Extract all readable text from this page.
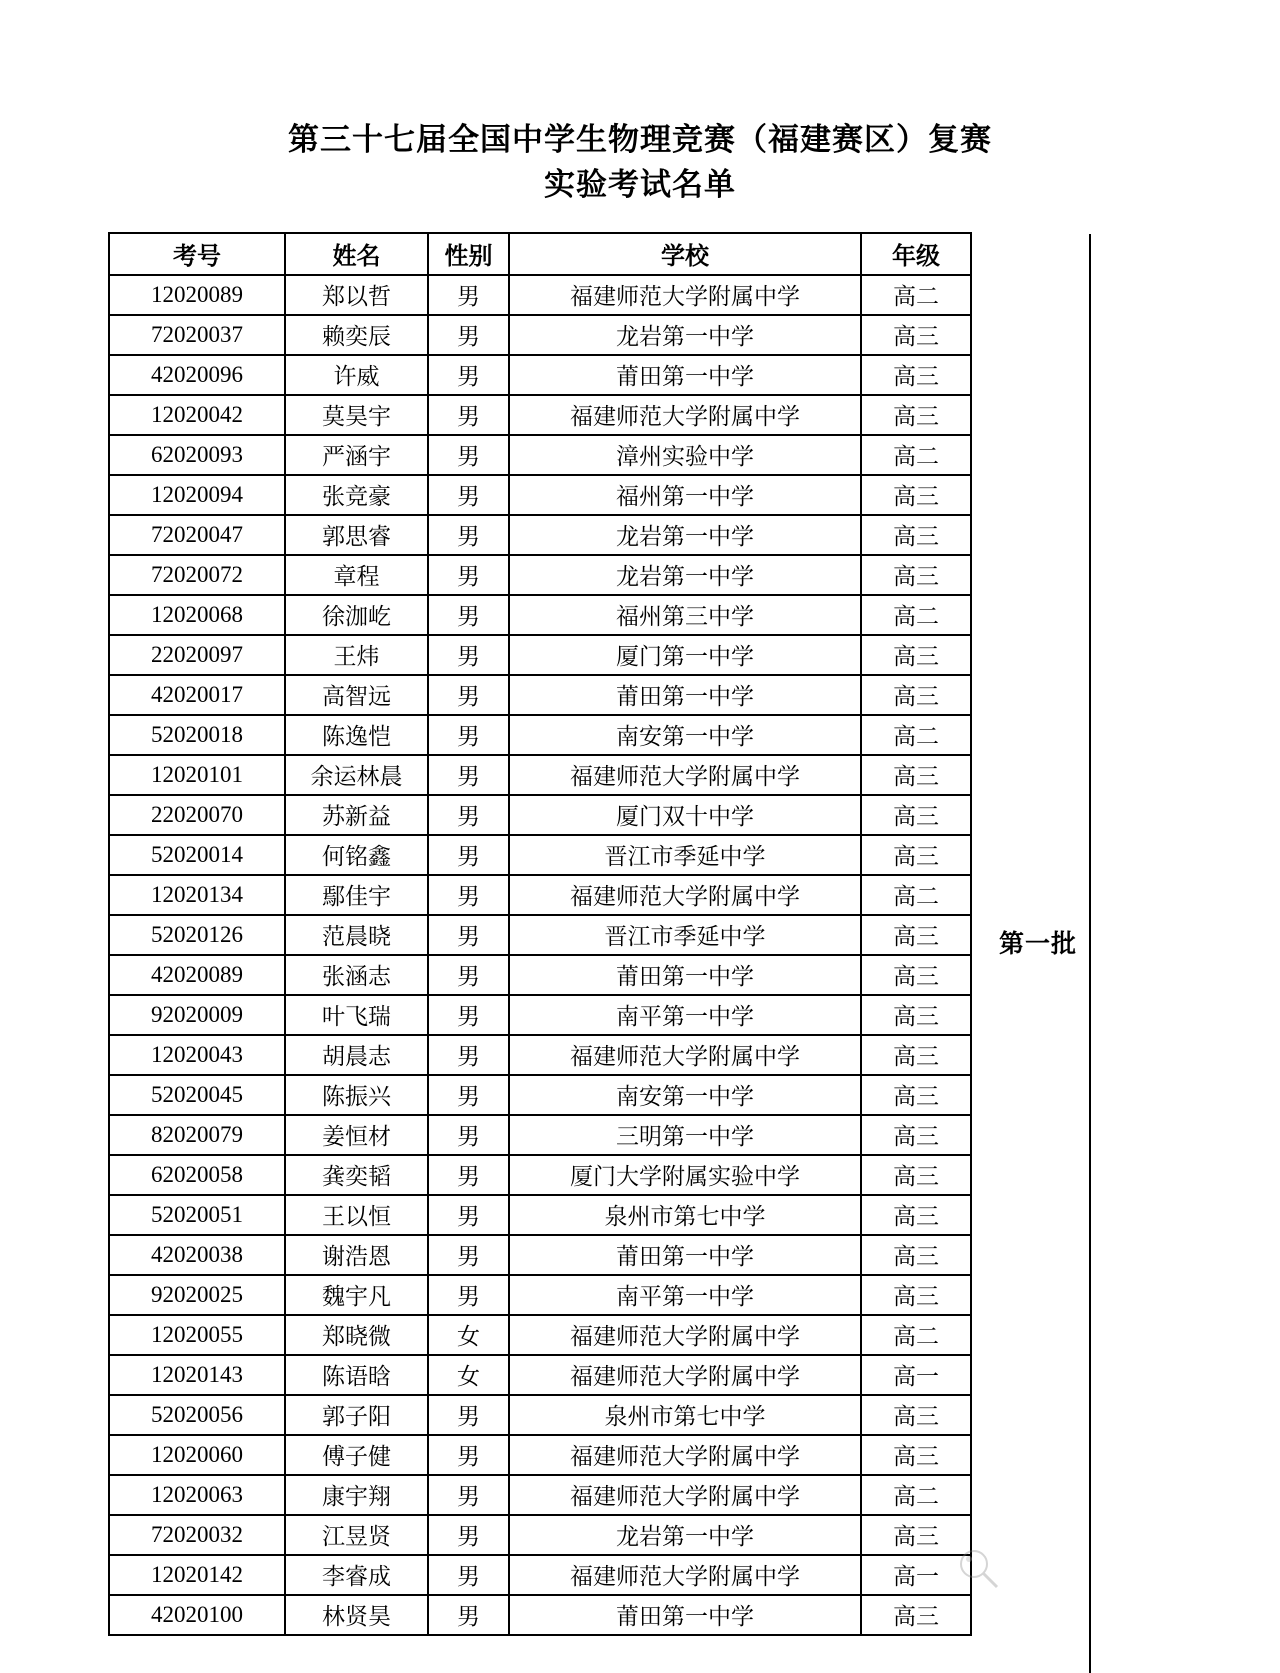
第三十七届全国中学生物理竞赛（福建赛区）复赛
实验考试名单
考号	姓名	性别	学校	年级
12020089	郑以哲	男	福建师范大学附属中学	高二
72020037	赖奕辰	男	龙岩第一中学	高三
42020096	许威	男	莆田第一中学	高三
12020042	莫昊宇	男	福建师范大学附属中学	高三
62020093	严涵宇	男	漳州实验中学	高二
12020094	张竞豪	男	福州第一中学	高三
72020047	郭思睿	男	龙岩第一中学	高三
72020072	章程	男	龙岩第一中学	高三
12020068	徐泇屹	男	福州第三中学	高二
22020097	王炜	男	厦门第一中学	高三
42020017	高智远	男	莆田第一中学	高三
52020018	陈逸恺	男	南安第一中学	高二
12020101	余运林晨	男	福建师范大学附属中学	高三
22020070	苏新益	男	厦门双十中学	高三
52020014	何铭鑫	男	晋江市季延中学	高三
12020134	鄢佳宇	男	福建师范大学附属中学	高二
52020126	范晨晓	男	晋江市季延中学	高三
42020089	张涵志	男	莆田第一中学	高三
92020009	叶飞瑞	男	南平第一中学	高三
12020043	胡晨志	男	福建师范大学附属中学	高三
52020045	陈振兴	男	南安第一中学	高三
82020079	姜恒材	男	三明第一中学	高三
62020058	龚奕韬	男	厦门大学附属实验中学	高三
52020051	王以恒	男	泉州市第七中学	高三
42020038	谢浩恩	男	莆田第一中学	高三
92020025	魏宇凡	男	南平第一中学	高三
12020055	郑晓微	女	福建师范大学附属中学	高二
12020143	陈语晗	女	福建师范大学附属中学	高一
52020056	郭子阳	男	泉州市第七中学	高三
12020060	傅子健	男	福建师范大学附属中学	高三
12020063	康宇翔	男	福建师范大学附属中学	高二
72020032	江昱贤	男	龙岩第一中学	高三
12020142	李睿成	男	福建师范大学附属中学	高一
42020100	林贤昊	男	莆田第一中学	高三
第一批
